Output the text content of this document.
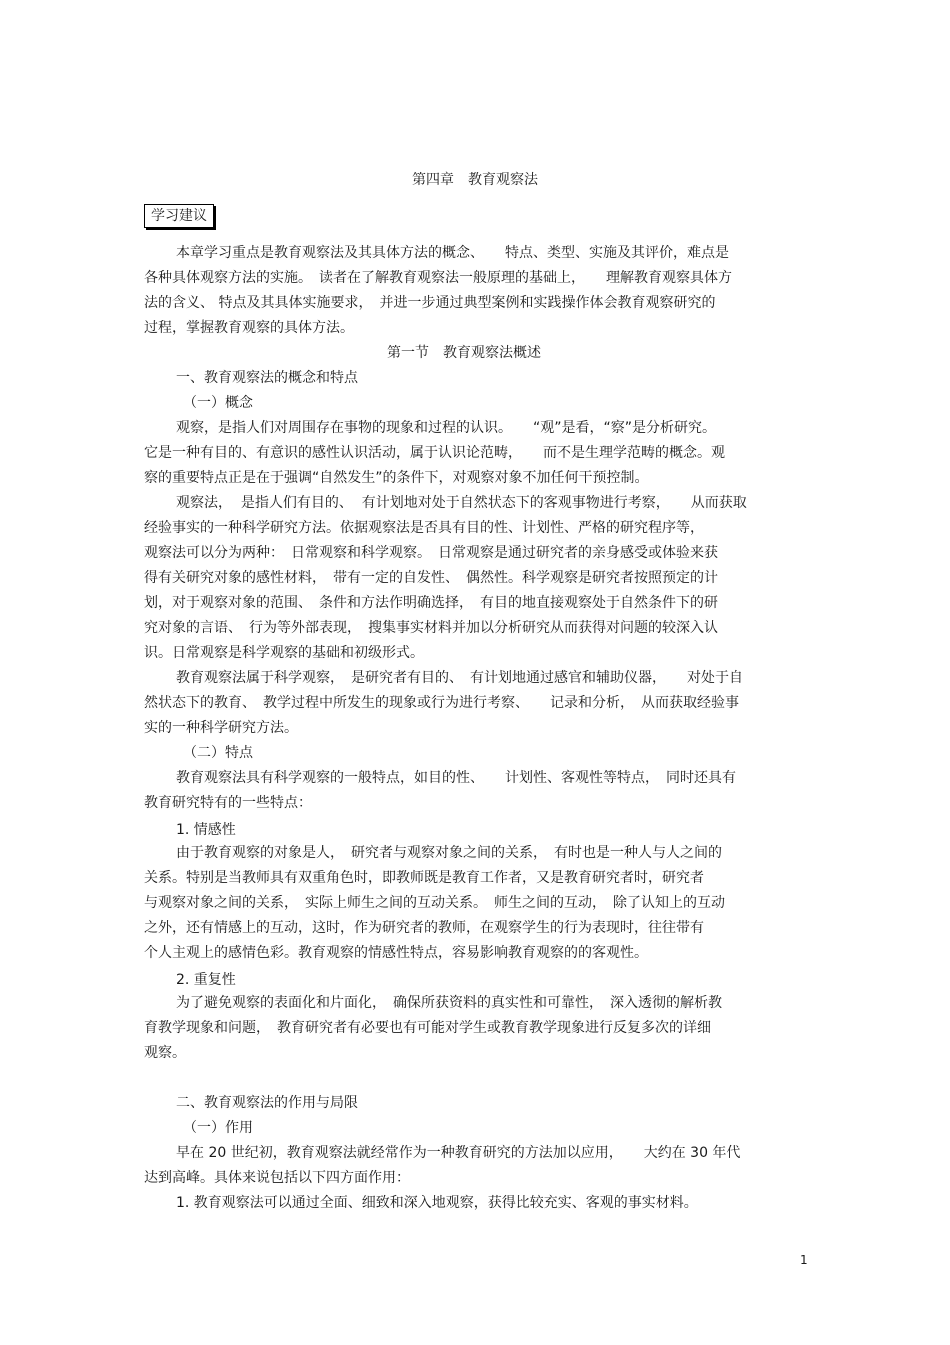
第四章　教育观察法
学习建议
本章学习重点是教育观察法及其具体方法的概念、　　特点、类型、实施及其评价，难点是
各种具体观察方法的实施。　读者在了解教育观察法一般原理的基础上，　　理解教育观察具体方
法的含义、 特点及其具体实施要求，　并进一步通过典型案例和实践操作体会教育观察研究的
过程，掌握教育观察的具体方法。
第一节　教育观察法概述
一、教育观察法的概念和特点
（一）概念
观察，是指人们对周围存在事物的现象和过程的认识。　　“观”是看，“察”是分析研究。
它是一种有目的、有意识的感性认识活动，属于认识论范畴，　　而不是生理学范畴的概念。观
察的重要特点正是在于强调“自然发生”的条件下，对观察对象不加任何干预控制。
观察法，  是指人们有目的、  有计划地对处于自然状态下的客观事物进行考察，　　从而获取
经验事实的一种科学研究方法。依据观察法是否具有目的性、计划性、严格的研究程序等，
观察法可以分为两种：　日常观察和科学观察。　日常观察是通过研究者的亲身感受或体验来获
得有关研究对象的感性材料，　带有一定的自发性、　偶然性。科学观察是研究者按照预定的计
划，对于观察对象的范围、　条件和方法作明确选择，　有目的地直接观察处于自然条件下的研
究对象的言语、　行为等外部表现，　搜集事实材料并加以分析研究从而获得对问题的较深入认
识。日常观察是科学观察的基础和初级形式。
教育观察法属于科学观察，　是研究者有目的、　有计划地通过感官和辅助仪器，　　对处于自
然状态下的教育、　教学过程中所发生的现象或行为进行考察、　　记录和分析，　从而获取经验事
实的一种科学研究方法。
（二）特点
教育观察法具有科学观察的一般特点，如目的性、　　计划性、客观性等特点，　同时还具有
教育研究特有的一些特点：
1. 情感性
由于教育观察的对象是人，　研究者与观察对象之间的关系，　有时也是一种人与人之间的
关系。特别是当教师具有双重角色时，即教师既是教育工作者，又是教育研究者时，研究者
与观察对象之间的关系，　实际上师生之间的互动关系。　师生之间的互动，　除了认知上的互动
之外，还有情感上的互动，这时，作为研究者的教师，在观察学生的行为表现时，往往带有
个人主观上的感情色彩。教育观察的情感性特点，容易影响教育观察的的客观性。
2. 重复性
为了避免观察的表面化和片面化，　确保所获资料的真实性和可靠性，　深入透彻的解析教
育教学现象和问题，　教育研究者有必要也有可能对学生或教育教学现象进行反复多次的详细
观察。
二、教育观察法的作用与局限
（一）作用
早在 20 世纪初，教育观察法就经常作为一种教育研究的方法加以应用，　　大约在 30 年代
达到高峰。具体来说包括以下四方面作用：
1. 教育观察法可以通过全面、细致和深入地观察，获得比较充实、客观的事实材料。
1
